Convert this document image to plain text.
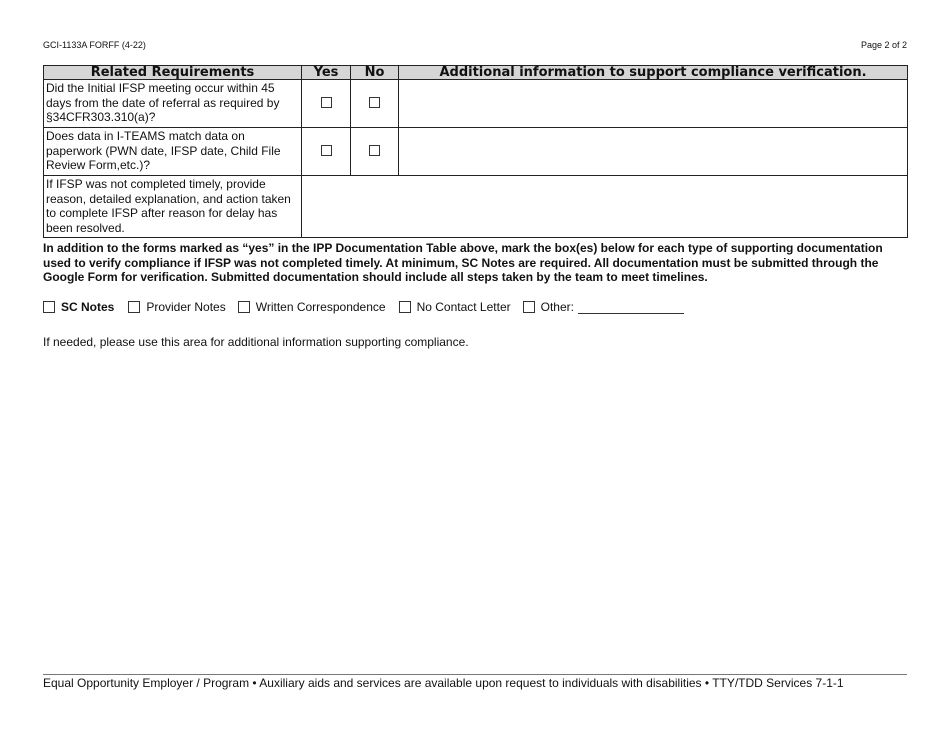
GCI-1133A FORFF (4-22)	Page 2 of 2
Related Requirements	Yes	No	Additional information to support compliance verification.
Did the Initial IFSP meeting occur within 45 days from the date of referral as required by §34CFR303.310(a)?			
Does data in I-TEAMS match data on paperwork (PWN date, IFSP date, Child File Review Form,etc.)?			
If IFSP was not completed timely, provide reason, detailed explanation, and action taken to complete IFSP after reason for delay has been resolved.			
In addition to the forms marked as “yes” in the IPP Documentation Table above, mark the box(es) below for each type of supporting documentation used to verify compliance if IFSP was not completed timely. At minimum, SC Notes are required. All documentation must be submitted through the Google Form for verification. Submitted documentation should include all steps taken by the team to meet timelines.
SC Notes	Provider Notes	Written Correspondence	No Contact Letter	Other:
If needed, please use this area for additional information supporting compliance.
Equal Opportunity Employer / Program • Auxiliary aids and services are available upon request to individuals with disabilities • TTY/TDD Services 7-1-1
